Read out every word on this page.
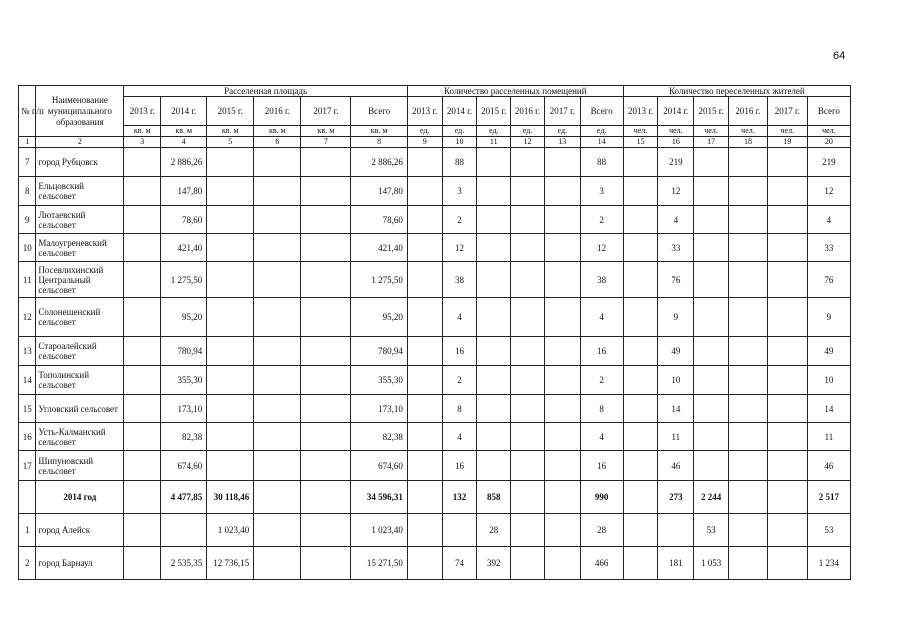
64
№ п/п	Наименование муниципального образования	Расселенная площадь						Количество расселенных помещений						Количество переселенных жителей					
		2013 г.	2014 г.	2015 г.	2016 г.	2017 г.	Всего	2013 г.	2014 г.	2015 г.	2016 г.	2017 г.	Всего	2013 г.	2014 г.	2015 г.	2016 г.	2017 г.	Всего
		кв. м	кв. м	кв. м	кв. м	кв. м	кв. м	ед.	ед.	ед.	ед.	ед.	ед.	чел.	чел.	чел.	чел.	чел.	чел.
1	2	3	4	5	6	7	8	9	10	11	12	13	14	15	16	17	18	19	20
7	город Рубцовск		2 886,26				2 886,26		88				88		219				219
8	Ельцовский сельсовет		147,80				147,80		3				3		12				12
9	Лютаевский сельсовет		78,60				78,60		2				2		4				4
10	Малоугреневский сельсовет		421,40				421,40		12				12		33				33
11	Посевлихинский Центральный сельсовет		1 275,50				1 275,50		38				38		76				76
12	Солонешенский сельсовет		95,20				95,20		4				4		9				9
13	Староалейский сельсовет		780,94				780,94		16				16		49				49
14	Тополинский сельсовет		355,30				355,30		2				2		10				10
15	Угловский сельсовет		173,10				173,10		8				8		14				14
16	Усть-Калманский сельсовет		82,38				82,38		4				4		11				11
17	Шипуновский сельсовет		674,60				674,60		16				16		46				46
	2014 год		4 477,85	30 118,46			34 596,31		132	858			990		273	2 244			2 517
1	город Алейск			1 023,40			1 023,40			28			28			53			53
2	город Барнаул		2 535,35	12 736,15			15 271,50		74	392			466		181	1 053			1 234
